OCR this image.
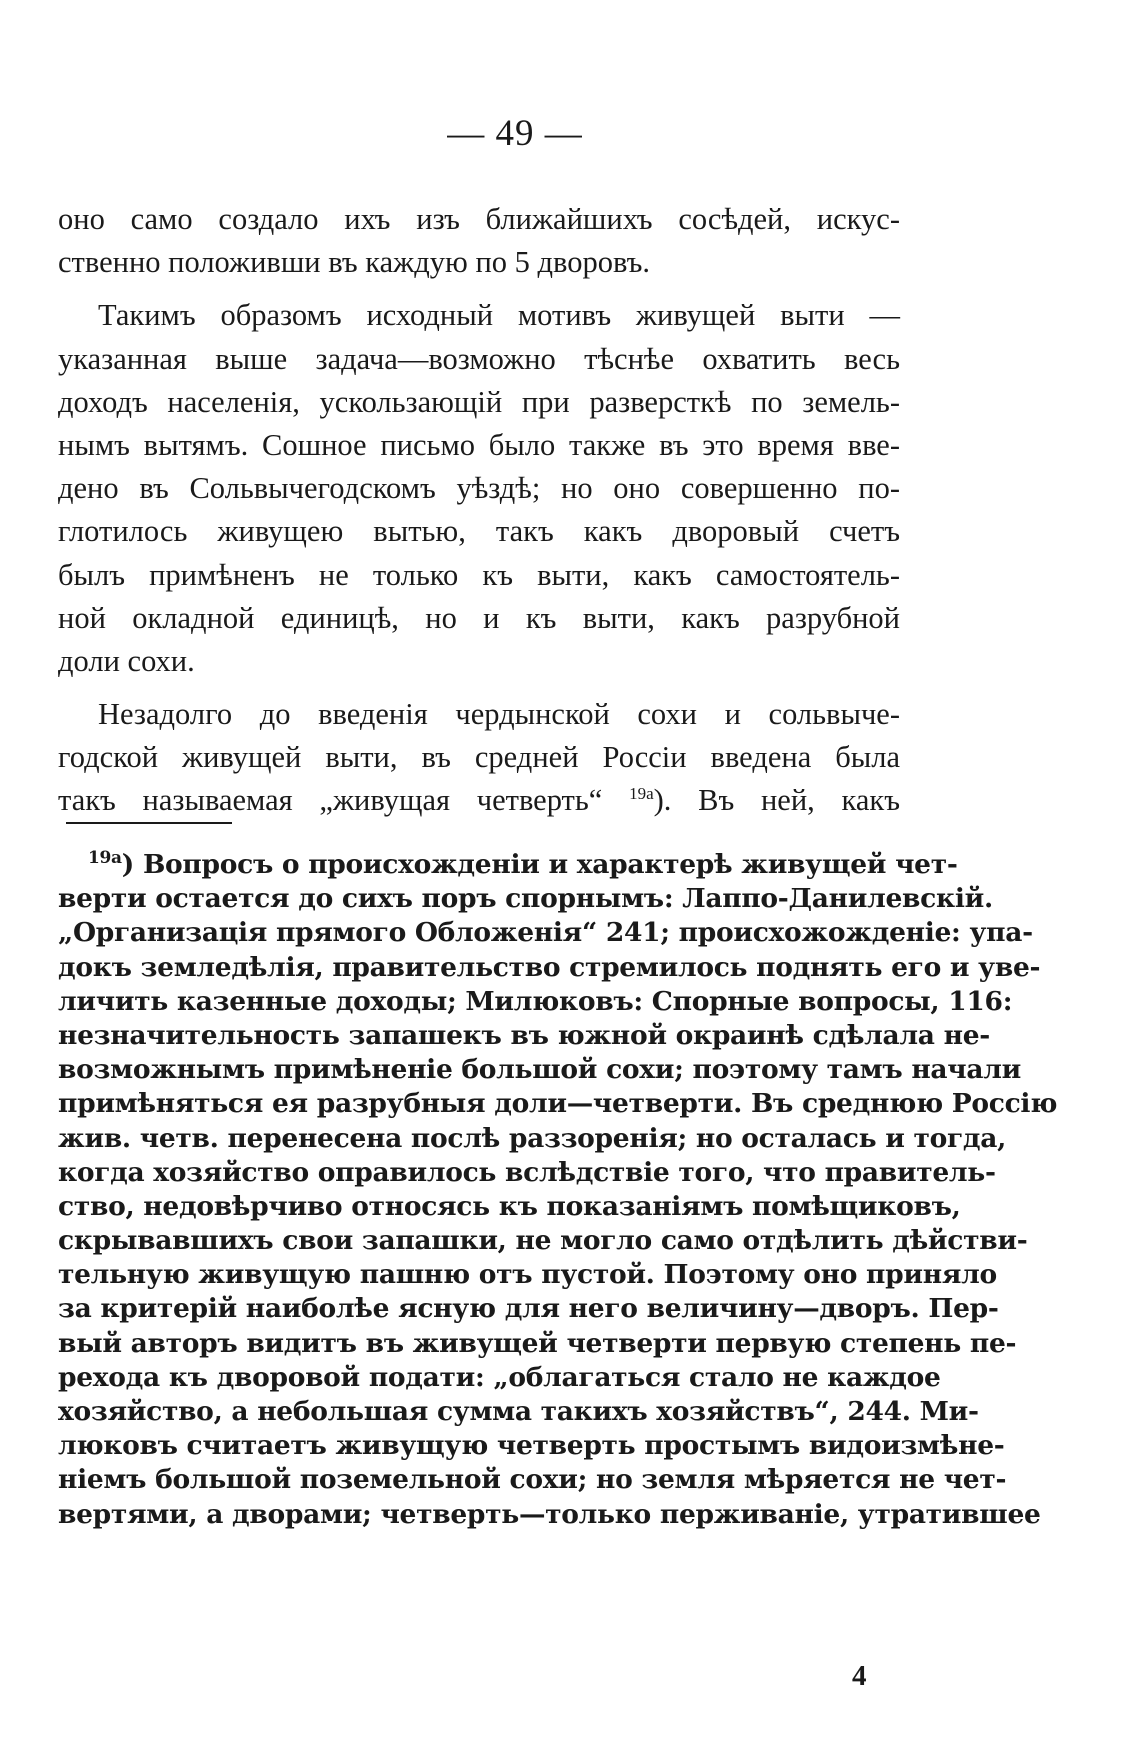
— 49 —
оно само создало ихъ изъ ближайшихъ сосѣдей, искус-
ственно положивши въ каждую по 5 дворовъ.
Такимъ образомъ исходный мотивъ живущей выти —
указанная выше задача—возможно тѣснѣе охватить весь
доходъ населенія, ускользающій при разверсткѣ по земель-
нымъ вытямъ. Сошное письмо было также въ это время вве-
дено въ Сольвычегодскомъ уѣздѣ; но оно совершенно по-
глотилось живущею вытью, такъ какъ дворовый счетъ
былъ примѣненъ не только къ выти, какъ самостоятель-
ной окладной единицѣ, но и къ выти, какъ разрубной
доли сохи.
Незадолго до введенія чердынской сохи и сольвыче-
годской живущей выти, въ средней Россіи введена была
такъ называемая „живущая четверть“ $^{19а}$). Въ ней, какъ
$^{19а}$) Вопросъ о происхожденіи и характерѣ живущей чет-
верти остается до сихъ поръ спорнымъ: Лаппо-Данилевскій.
„Организація прямого Обложенія“ 241; происхожожденіе: упа-
докъ земледѣлія, правительство стремилось поднять его и уве-
личить казенные доходы; Милюковъ: Спорные вопросы, 116:
незначительность запашекъ въ южной окраинѣ сдѣлала не-
возможнымъ примѣненіе большой сохи; поэтому тамъ начали
примѣняться ея разрубныя доли—четверти. Въ среднюю Россію
жив. четв. перенесена послѣ раззоренія; но осталась и тогда,
когда хозяйство оправилось вслѣдствіе того, что правитель-
ство, недовѣрчиво относясь къ показаніямъ помѣщиковъ,
скрывавшихъ свои запашки, не могло само отдѣлить дѣйстви-
тельную живущую пашню отъ пустой. Поэтому оно приняло
за критерій наиболѣе ясную для него величину—дворъ. Пер-
вый авторъ видитъ въ живущей четверти первую степень пе-
рехода къ дворовой подати: „облагаться стало не каждое
хозяйство, а небольшая сумма такихъ хозяйствъ“, 244. Ми-
люковъ считаетъ живущую четверть простымъ видоизмѣне-
ніемъ большой поземельной сохи; но земля мѣряется не чет-
вертями, а дворами; четверть—только перживаніе, утратившее
4
